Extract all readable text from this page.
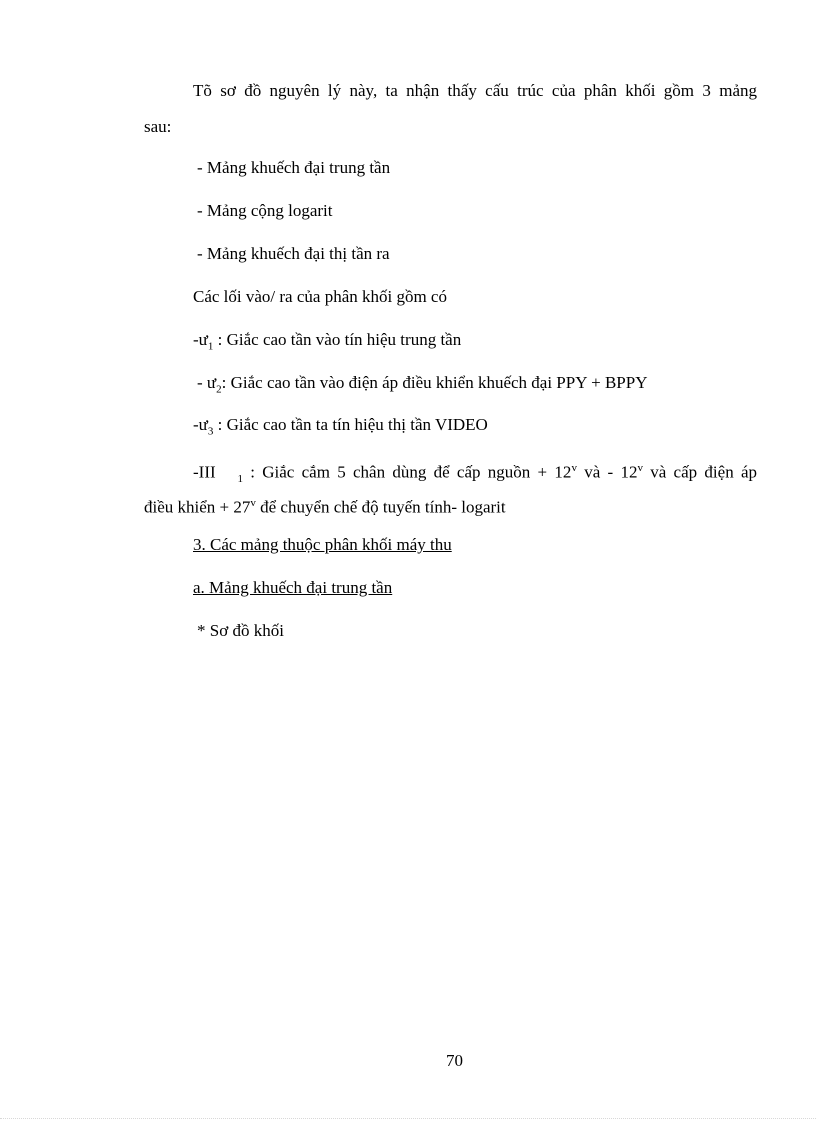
Tõ sơ đồ nguyên lý này, ta nhận thấy cấu trúc của phân khối gồm 3 mảng
sau:
- Mảng khuếch đại trung tần
- Mảng cộng logarit
- Mảng khuếch đại thị tần ra
Các lối vào/ ra của phân khối gồm có
$-ư_1$ : Giắc cao tần vào tín hiệu trung tần
- $ư_2$: Giắc cao tần vào điện áp điều khiển khuếch đại PPY + BPPY
$-ư_3$ : Giắc cao tần ta tín hiệu thị tần VIDEO
-III $_1$ : Giắc cắm 5 chân dùng để cấp nguồn + $12^v$ và - 12$^v$ và cấp điện áp
điều khiển + $27^v$ để chuyển chế độ tuyến tính- logarit
3. Các mảng thuộc phân khối máy thu
a. Mảng khuếch đại trung tần
* Sơ đồ khối
70
